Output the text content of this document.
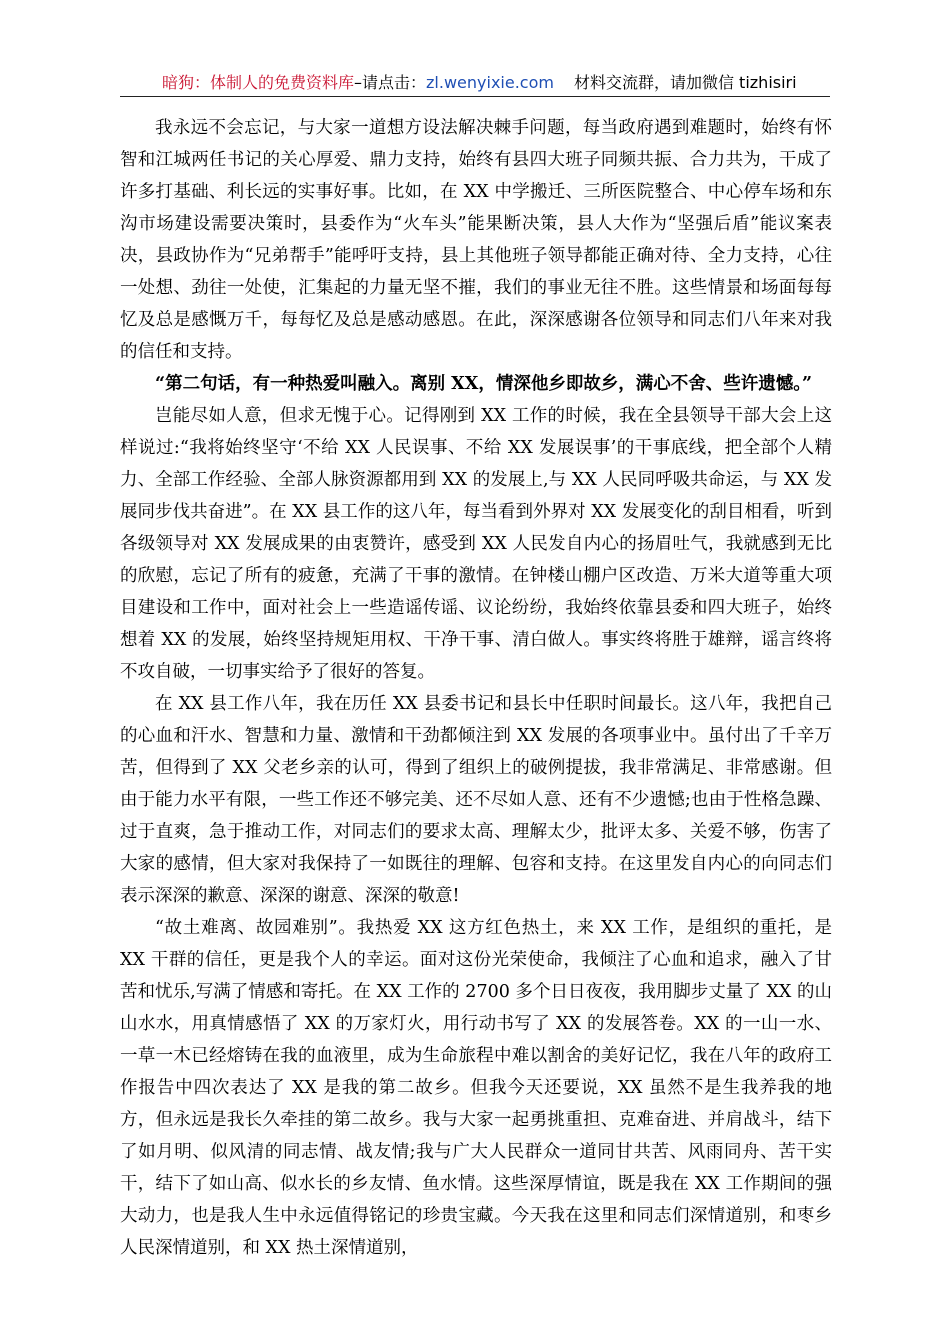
暗狗：体制人的免费资料库–请点击：zl.wenyixie.com 材料交流群，请加微信 tizhisiri

我永远不会忘记，与大家一道想方设法解决棘手问题，每当政府遇到难题时，始终有怀智和江城两任书记的关心厚爱、鼎力支持，始终有县四大班子同频共振、合力共为，干成了许多打基础、利长远的实事好事。比如，在 XX 中学搬迁、三所医院整合、中心停车场和东沟市场建设需要决策时，县委作为“火车头”能果断决策，县人大作为“坚强后盾”能议案表决，县政协作为“兄弟帮手”能呼吁支持，县上其他班子领导都能正确对待、全力支持，心往一处想、劲往一处使，汇集起的力量无坚不摧，我们的事业无往不胜。这些情景和场面每每忆及总是感慨万千，每每忆及总是感动感恩。在此，深深感谢各位领导和同志们八年来对我的信任和支持。

“第二句话，有一种热爱叫融入。离别 XX，情深他乡即故乡，满心不舍、些许遗憾。”

岂能尽如人意，但求无愧于心。记得刚到 XX 工作的时候，我在全县领导干部大会上这样说过:“我将始终坚守‘不给 XX 人民误事、不给 XX 发展误事’的干事底线，把全部个人精力、全部工作经验、全部人脉资源都用到 XX 的发展上,与 XX 人民同呼吸共命运，与 XX 发展同步伐共奋进”。在 XX 县工作的这八年，每当看到外界对 XX 发展变化的刮目相看，听到各级领导对 XX 发展成果的由衷赞许，感受到 XX 人民发自内心的扬眉吐气，我就感到无比的欣慰，忘记了所有的疲惫，充满了干事的激情。在钟楼山棚户区改造、万米大道等重大项目建设和工作中，面对社会上一些造谣传谣、议论纷纷，我始终依靠县委和四大班子，始终想着 XX 的发展，始终坚持规矩用权、干净干事、清白做人。事实终将胜于雄辩，谣言终将不攻自破，一切事实给予了很好的答复。

在 XX 县工作八年，我在历任 XX 县委书记和县长中任职时间最长。这八年，我把自己的心血和汗水、智慧和力量、激情和干劲都倾注到 XX 发展的各项事业中。虽付出了千辛万苦，但得到了 XX 父老乡亲的认可，得到了组织上的破例提拔，我非常满足、非常感谢。但由于能力水平有限，一些工作还不够完美、还不尽如人意、还有不少遗憾;也由于性格急躁、过于直爽，急于推动工作，对同志们的要求太高、理解太少，批评太多、关爱不够，伤害了大家的感情，但大家对我保持了一如既往的理解、包容和支持。在这里发自内心的向同志们表示深深的歉意、深深的谢意、深深的敬意!

“故土难离、故园难别”。我热爱 XX 这方红色热土，来 XX 工作，是组织的重托，是 XX 干群的信任，更是我个人的幸运。面对这份光荣使命，我倾注了心血和追求，融入了甘苦和忧乐,写满了情感和寄托。在 XX 工作的 2700 多个日日夜夜，我用脚步丈量了 XX 的山山水水，用真情感悟了 XX 的万家灯火，用行动书写了 XX 的发展答卷。XX 的一山一水、一草一木已经熔铸在我的血液里，成为生命旅程中难以割舍的美好记忆，我在八年的政府工作报告中四次表达了 XX 是我的第二故乡。但我今天还要说，XX 虽然不是生我养我的地方，但永远是我长久牵挂的第二故乡。我与大家一起勇挑重担、克难奋进、并肩战斗，结下了如月明、似风清的同志情、战友情;我与广大人民群众一道同甘共苦、风雨同舟、苦干实干，结下了如山高、似水长的乡友情、鱼水情。这些深厚情谊，既是我在 XX 工作期间的强大动力，也是我人生中永远值得铭记的珍贵宝藏。今天我在这里和同志们深情道别，和枣乡人民深情道别，和 XX 热土深情道别，
